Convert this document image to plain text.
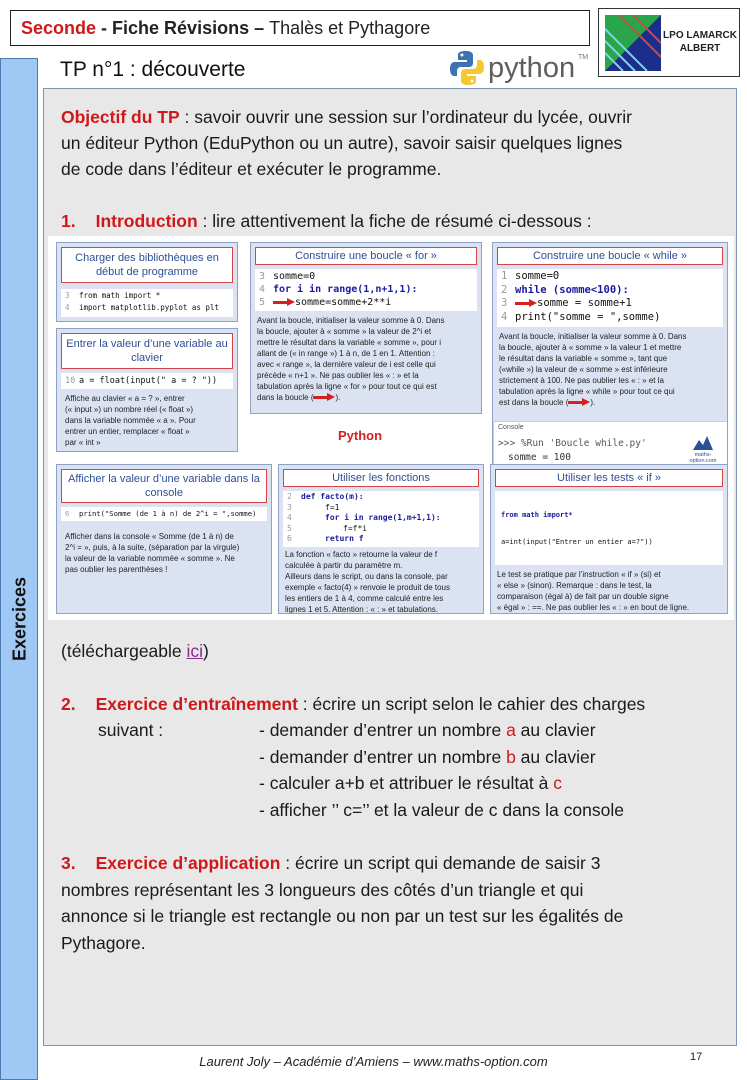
Seconde - Fiche Révisions – Thalès et Pythagore	LPO LAMARCK
ALBERT
Exercices
TP n°1 : découverte	python TM
Objectif du TP : savoir ouvrir une session sur l’ordinateur du lycée, ouvrir
un éditeur Python (EduPython ou un autre), savoir saisir quelques lignes
de code dans l’éditeur et exécuter le programme.
1. Introduction : lire attentivement la fiche de résumé ci-dessous :
Charger des bibliothèques en début de programme
3 from math import *
4 import matplotlib.pyplot as plt
Construire une boucle « for »
3 somme=0
4 for i in range(1,n+1,1):
5	somme=somme+2**i
Avant la boucle, initialiser la valeur somme à 0. Dans
la boucle, ajouter à « somme » la valeur de 2^i et
mettre le résultat dans la variable « somme », pour i
allant de (« in range ») 1 à n, de 1 en 1. Attention :
avec « range », la dernière valeur de i est celle qui
précède « n+1 ». Ne pas oublier les « : » et la
tabulation après la ligne « for » pour tout ce qui est
dans la boucle (	).
Construire une boucle « while »
1 somme=0
2 while (somme<100):
3	somme = somme+1
4 print("somme = ",somme)
Avant la boucle, initialiser la valeur somme à 0. Dans
la boucle, ajouter à « somme » la valeur 1 et mettre
le résultat dans la variable « somme », tant que
(«while ») la valeur de « somme » est inférieure
strictement à 100. Ne pas oublier les « : » et la
tabulation après la ligne « while » pour tout ce qui
est dans la boucle (	).
Console
>>> %Run 'Boucle while.py'
somme = 100	maths-option.com
Entrer la valeur d’une variable au clavier
10 a = float(input(" a = ? "))
Affiche au clavier « a = ? », entrer
(« input ») un nombre réel (« float »)
dans la variable nommée « a ». Pour
entrer un entier, remplacer « float »
par « int »	Python
Afficher la valeur d’une variable dans la console
6 print("Somme (de 1 à n) de 2^i = ",somme)
Afficher dans la console « Somme (de 1 à n) de
2^i = », puis, à la suite, (séparation par la virgule)
la valeur de la variable nommée « somme ». Ne
pas oublier les parenthèses !
Utiliser les fonctions
2 def facto(m):
3	f=1
4	for i in range(1,m+1,1):
5	f=f*i
6	return f
La fonction « facto » retourne la valeur de f
calculée à partir du paramètre m.
Ailleurs dans le script, ou dans la console, par
exemple « facto(4) » renvoie le produit de tous
les entiers de 1 à 4, comme calculé entre les
lignes 1 et 5. Attention : « : » et tabulations.
Utiliser les tests « if »

from math import*

a=int(input("Entrer un entier a=?"))

Le test se pratique par l’instruction « if » (si) et
« else » (sinon). Remarque : dans le test, la
comparaison (égal à) de fait par un double signe
« égal » : ==. Ne pas oublier les « : » en bout de ligne.
(téléchargeable ici)
2. Exercice d’entraînement : écrire un script selon le cahier des charges
suivant :	- demander d’entrer un nombre a au clavier
- demander d’entrer un nombre b au clavier
- calculer a+b et attribuer le résultat à c
- afficher ’’ c=’’ et la valeur de c dans la console
3. Exercice d’application : écrire un script qui demande de saisir 3
nombres représentant les 3 longueurs des côtés d’un triangle et qui
annonce si le triangle est rectangle ou non par un test sur les égalités de
Pythagore.
Laurent Joly – Académie d’Amiens – www.maths-option.com	17
